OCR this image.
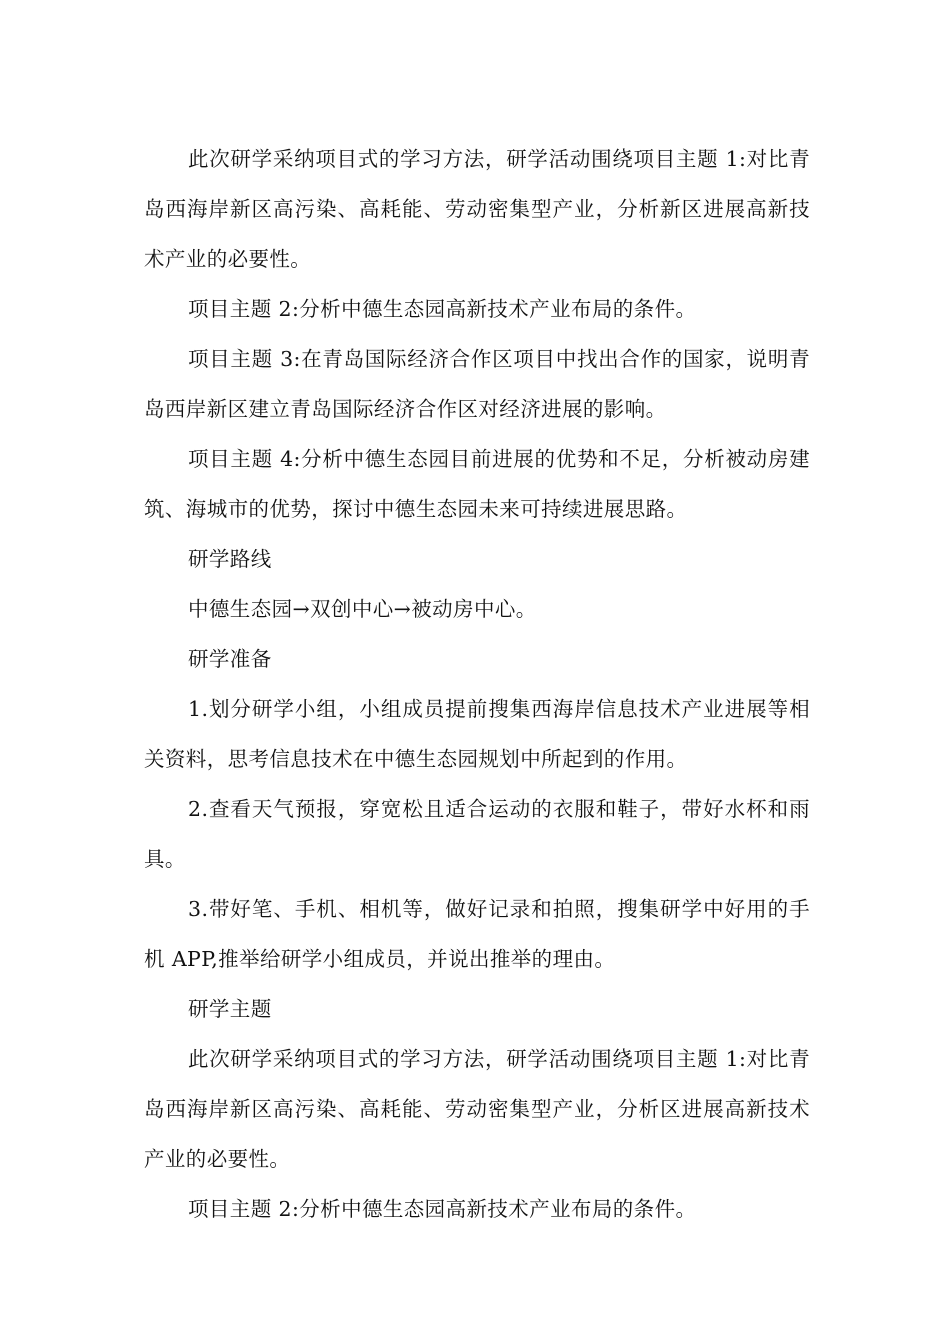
此次研学采纳项目式的学习方法，研学活动围绕项目主题 1:对比青岛西海岸新区高污染、高耗能、劳动密集型产业，分析新区进展高新技术产业的必要性。

项目主题 2:分析中德生态园高新技术产业布局的条件。

项目主题 3:在青岛国际经济合作区项目中找出合作的国家，说明青岛西岸新区建立青岛国际经济合作区对经济进展的影响。

项目主题 4:分析中德生态园目前进展的优势和不足，分析被动房建筑、海城市的优势，探讨中德生态园未来可持续进展思路。

研学路线

中德生态园→双创中心→被动房中心。

研学准备

1.划分研学小组，小组成员提前搜集西海岸信息技术产业进展等相关资料，思考信息技术在中德生态园规划中所起到的作用。

2.查看天气预报，穿宽松且适合运动的衣服和鞋子，带好水杯和雨具。

3.带好笔、手机、相机等，做好记录和拍照，搜集研学中好用的手机 APP,推举给研学小组成员，并说出推举的理由。

研学主题

此次研学采纳项目式的学习方法，研学活动围绕项目主题 1:对比青岛西海岸新区高污染、高耗能、劳动密集型产业，分析区进展高新技术产业的必要性。

项目主题 2:分析中德生态园高新技术产业布局的条件。
